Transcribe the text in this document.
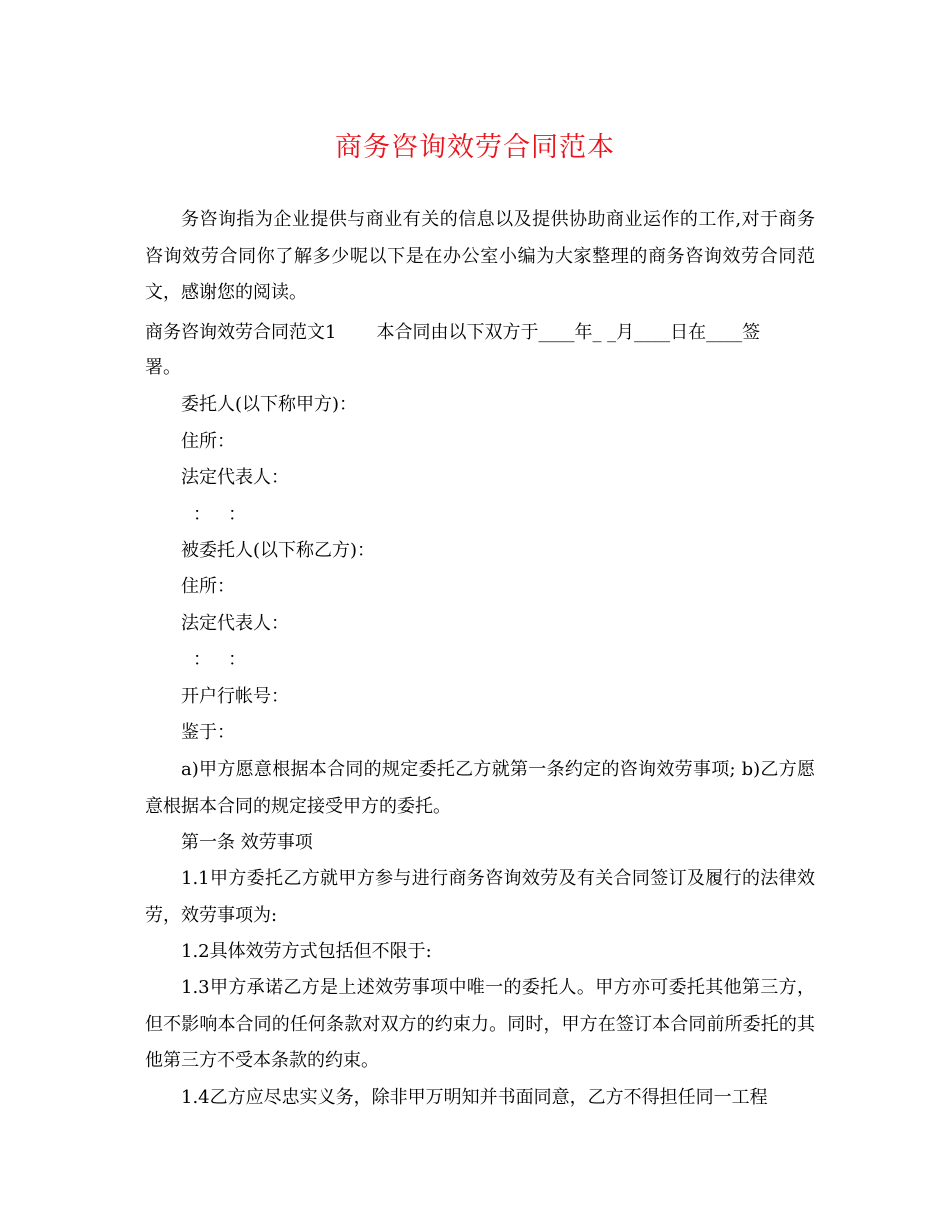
商务咨询效劳合同范本
务咨询指为企业提供与商业有关的信息以及提供协助商业运作的工作,对于商务咨询效劳合同你了解多少呢以下是在办公室小编为大家整理的商务咨询效劳合同范文，感谢您的阅读。
商务咨询效劳合同范文1 本合同由以下双方于____年_ _月____日在____签
署。
委托人(以下称甲方)：
住所：
法定代表人：
：   ：
被委托人(以下称乙方)：
住所：
法定代表人：
：   ：
开户行帐号：
鉴于：
a)甲方愿意根据本合同的规定委托乙方就第一条约定的咨询效劳事项; b)乙方愿意根据本合同的规定接受甲方的委托。
第一条 效劳事项
1.1甲方委托乙方就甲方参与进行商务咨询效劳及有关合同签订及履行的法律效劳，效劳事项为:
1.2具体效劳方式包括但不限于:
1.3甲方承诺乙方是上述效劳事项中唯一的委托人。甲方亦可委托其他第三方，但不影响本合同的任何条款对双方的约束力。同时，甲方在签订本合同前所委托的其他第三方不受本条款的约束。
1.4乙方应尽忠实义务，除非甲万明知并书面同意，乙方不得担任同一工程
